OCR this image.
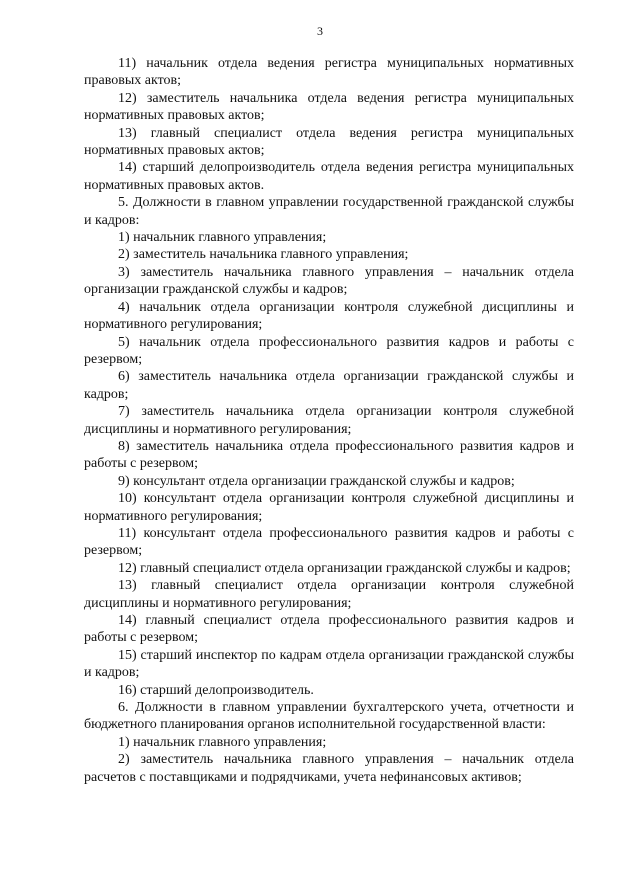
3

11) начальник отдела ведения регистра муниципальных нормативных правовых актов;

12) заместитель начальника отдела ведения регистра муниципальных нормативных правовых актов;

13) главный специалист отдела ведения регистра муниципальных нормативных правовых актов;

14) старший делопроизводитель отдела ведения регистра муниципальных нормативных правовых актов.

5. Должности в главном управлении государственной гражданской службы и кадров:

1) начальник главного управления;

2) заместитель начальника главного управления;

3) заместитель начальника главного управления – начальник отдела организации гражданской службы и кадров;

4) начальник отдела организации контроля служебной дисциплины и нормативного регулирования;

5) начальник отдела профессионального развития кадров и работы с резервом;

6) заместитель начальника отдела организации гражданской службы и кадров;

7) заместитель начальника отдела организации контроля служебной дисциплины и нормативного регулирования;

8) заместитель начальника отдела профессионального развития кадров и работы с резервом;

9) консультант отдела организации гражданской службы и кадров;

10) консультант отдела организации контроля служебной дисциплины и нормативного регулирования;

11) консультант отдела профессионального развития кадров и работы с резервом;

12) главный специалист отдела организации гражданской службы и кадров;

13) главный специалист отдела организации контроля служебной дисциплины и нормативного регулирования;

14) главный специалист отдела профессионального развития кадров и работы с резервом;

15) старший инспектор по кадрам отдела организации гражданской службы и кадров;

16) старший делопроизводитель.

6. Должности в главном управлении бухгалтерского учета, отчетности и бюджетного планирования органов исполнительной государственной власти:

1) начальник главного управления;

2) заместитель начальника главного управления – начальник отдела расчетов с поставщиками и подрядчиками, учета нефинансовых активов;
